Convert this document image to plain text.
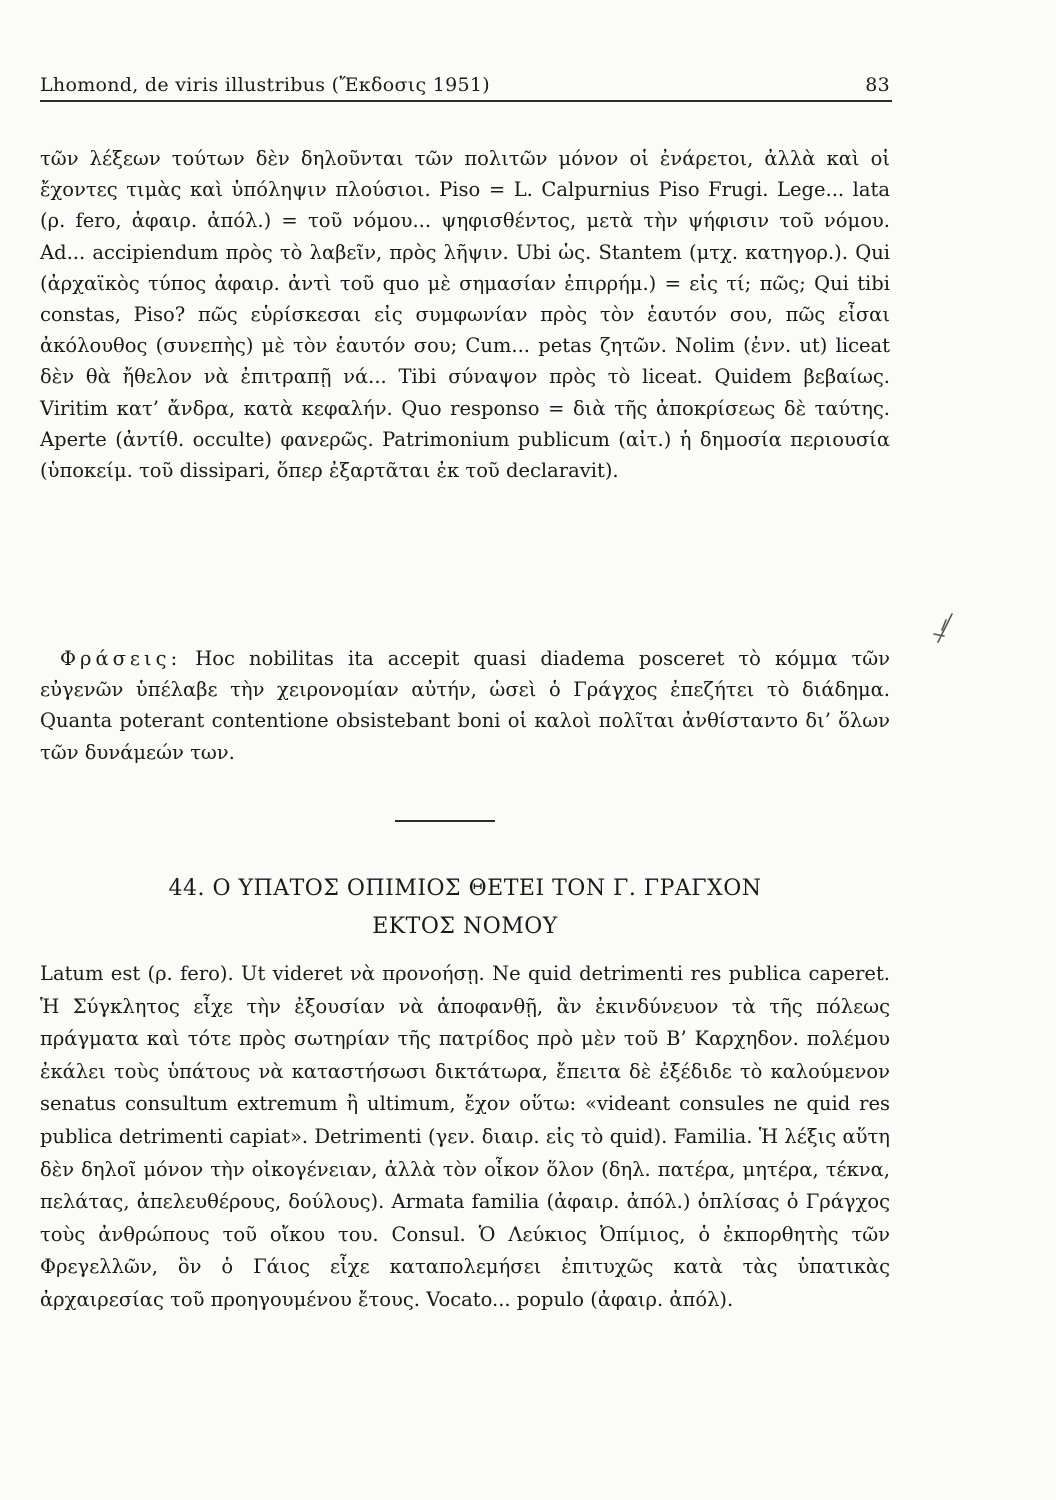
Lhomond, de viris illustribus (Ἔκδοσις 1951)	83

τῶν λέξεων τούτων δὲν δηλοῦνται τῶν πολιτῶν μόνον οἱ ἐνάρετοι, ἀλλὰ καὶ οἱ ἔχοντες τιμὰς καὶ ὑπόληψιν πλούσιοι. Piso = L. Calpurnius Piso Frugi. Lege... lata (ρ. fero, ἀφαιρ. ἀπόλ.) = τοῦ νόμου... ψηφισθέντος, μετὰ τὴν ψήφισιν τοῦ νόμου. Ad... accipiendum πρὸς τὸ λαβεῖν, πρὸς λῆψιν. Ubi ὡς. Stantem (μτχ. κατηγορ.). Qui (ἀρχαϊκὸς τύπος ἀφαιρ. ἀντὶ τοῦ quo μὲ σημασίαν ἐπιρρήμ.) = εἰς τί; πῶς; Qui tibi constas, Piso? πῶς εὑρίσκεσαι εἰς συμφωνίαν πρὸς τὸν ἑαυτόν σου, πῶς εἶσαι ἀκόλουθος (συνεπὴς) μὲ τὸν ἑαυτόν σου; Cum... petas ζητῶν. Nolim (ἐνν. ut) liceat δὲν θὰ ἤθελον νὰ ἐπιτραπῇ νά... Tibi σύναψον πρὸς τὸ liceat. Quidem βεβαίως. Viritim κατ’ ἄνδρα, κατὰ κεφαλήν. Quo responso = διὰ τῆς ἀποκρίσεως δὲ ταύτης. Aperte (ἀντίθ. occulte) φανερῶς. Patrimonium publicum (αἰτ.) ἡ δημοσία περιουσία (ὑποκείμ. τοῦ dissipari, ὅπερ ἐξαρτᾶται ἐκ τοῦ declaravit).

Φράσεις: Hoc nobilitas ita accepit quasi diadema posceret τὸ κόμμα τῶν εὐγενῶν ὑπέλαβε τὴν χειρονομίαν αὐτήν, ὡσεὶ ὁ Γράγχος ἐπεζήτει τὸ διάδημα. Quanta poterant contentione obsistebant boni οἱ καλοὶ πολῖται ἀνθίσταντο δι’ ὅλων τῶν δυνάμεών των.

44. Ο ΥΠΑΤΟΣ ΟΠΙΜΙΟΣ ΘΕΤΕΙ ΤΟΝ Γ. ΓΡΑΓΧΟΝ
ΕΚΤΟΣ ΝΟΜΟΥ

Latum est (ρ. fero). Ut videret νὰ προνοήσῃ. Ne quid detrimenti res publica caperet. Ἡ Σύγκλητος εἶχε τὴν ἐξουσίαν νὰ ἀποφανθῇ, ἂν ἐκινδύνευον τὰ τῆς πόλεως πράγματα καὶ τότε πρὸς σωτηρίαν τῆς πατρίδος πρὸ μὲν τοῦ Β’ Καρχηδον. πολέμου ἐκάλει τοὺς ὑπάτους νὰ καταστήσωσι δικτάτωρα, ἔπειτα δὲ ἐξέδιδε τὸ καλούμενον senatus consultum extremum ἢ ultimum, ἔχον οὕτω: «videant consules ne quid res publica detrimenti capiat». Detrimenti (γεν. διαιρ. εἰς τὸ quid). Familia. Ἡ λέξις αὕτη δὲν δηλοῖ μόνον τὴν οἰκογένειαν, ἀλλὰ τὸν οἶκον ὅλον (δηλ. πατέρα, μητέρα, τέκνα, πελάτας, ἀπελευθέρους, δούλους). Armata familia (ἀφαιρ. ἀπόλ.) ὁπλίσας ὁ Γράγχος τοὺς ἀνθρώπους τοῦ οἴκου του. Consul. Ὁ Λεύκιος Ὀπίμιος, ὁ ἐκπορθητὴς τῶν Φρεγελλῶν, ὃν ὁ Γάιος εἶχε καταπολεμήσει ἐπιτυχῶς κατὰ τὰς ὑπατικὰς ἀρχαιρεσίας τοῦ προηγουμένου ἔτους. Vocato... populo (ἀφαιρ. ἀπόλ).
